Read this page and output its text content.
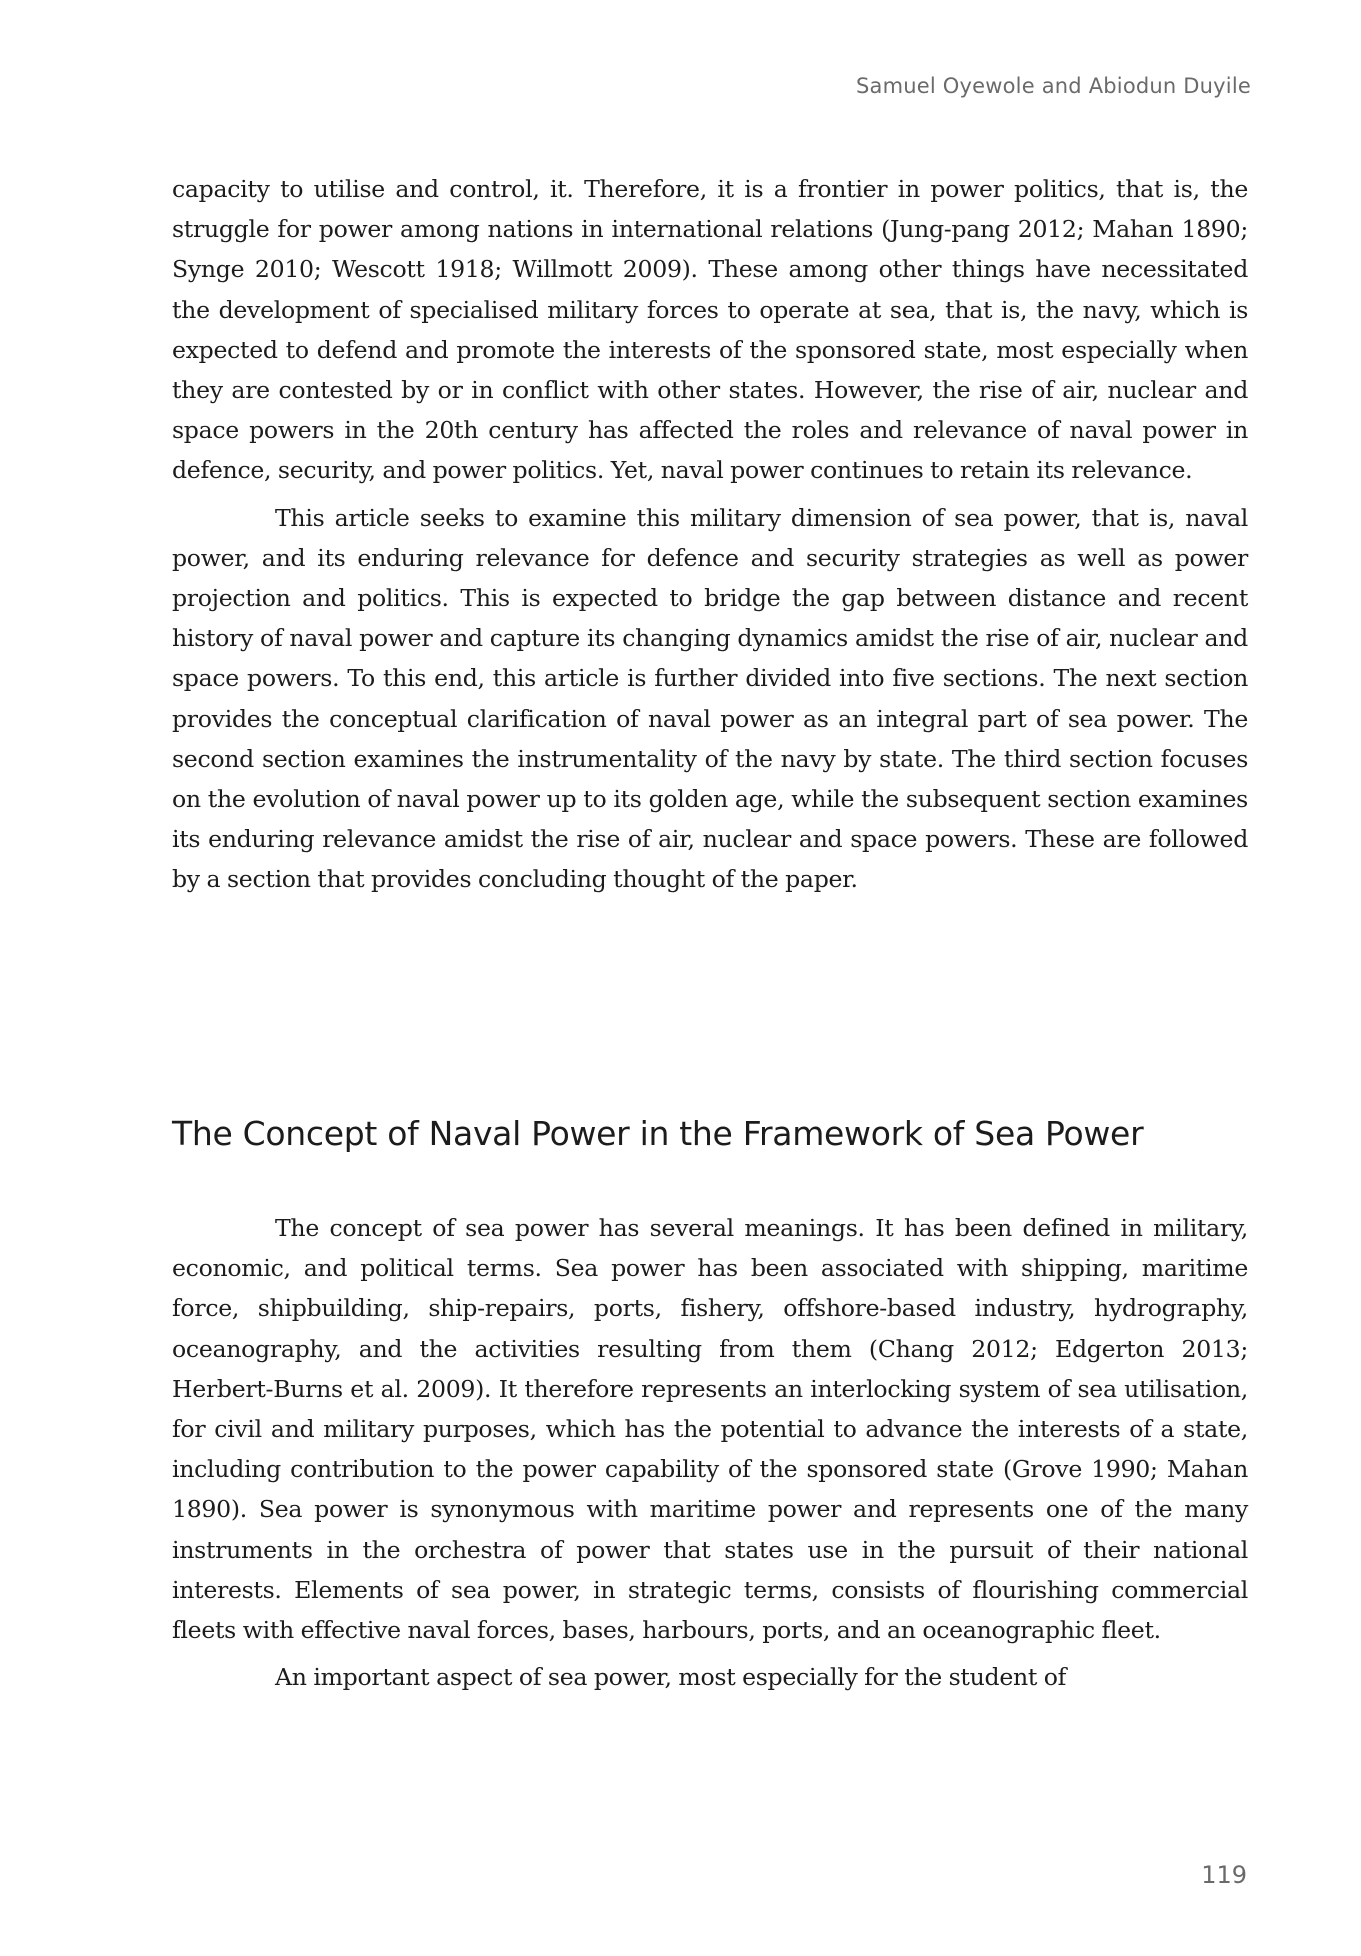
Samuel Oyewole and Abiodun Duyile

capacity to utilise and control, it. Therefore, it is a frontier in power politics, that is, the struggle for power among nations in international relations (Jung-pang 2012; Mahan 1890; Synge 2010; Wescott 1918; Willmott 2009). These among other things have necessitated the development of specialised military forces to operate at sea, that is, the navy, which is expected to defend and promote the interests of the sponsored state, most especially when they are contested by or in conflict with other states. However, the rise of air, nuclear and space powers in the 20th century has affected the roles and relevance of naval power in defence, security, and power politics. Yet, naval power continues to retain its relevance.

This article seeks to examine this military dimension of sea power, that is, naval power, and its enduring relevance for defence and security strategies as well as power projection and politics. This is expected to bridge the gap between distance and recent history of naval power and capture its changing dynamics amidst the rise of air, nuclear and space powers. To this end, this article is further divided into five sections. The next section provides the conceptual clarification of naval power as an integral part of sea power. The second section examines the instrumentality of the navy by state. The third section focuses on the evolution of naval power up to its golden age, while the subsequent section examines its enduring relevance amidst the rise of air, nuclear and space powers. These are followed by a section that provides concluding thought of the paper.

The Concept of Naval Power in the Framework of Sea Power

The concept of sea power has several meanings. It has been defined in military, economic, and political terms. Sea power has been associated with shipping, maritime force, shipbuilding, ship-repairs, ports, fishery, offshore-based industry, hydrography, oceanography, and the activities resulting from them (Chang 2012; Edgerton 2013; Herbert-Burns et al. 2009). It therefore represents an interlocking system of sea utilisation, for civil and military purposes, which has the potential to advance the interests of a state, including contribution to the power capability of the sponsored state (Grove 1990; Mahan 1890). Sea power is synonymous with maritime power and represents one of the many instruments in the orchestra of power that states use in the pursuit of their national interests. Elements of sea power, in strategic terms, consists of flourishing commercial fleets with effective naval forces, bases, harbours, ports, and an oceanographic fleet.

An important aspect of sea power, most especially for the student of

119
